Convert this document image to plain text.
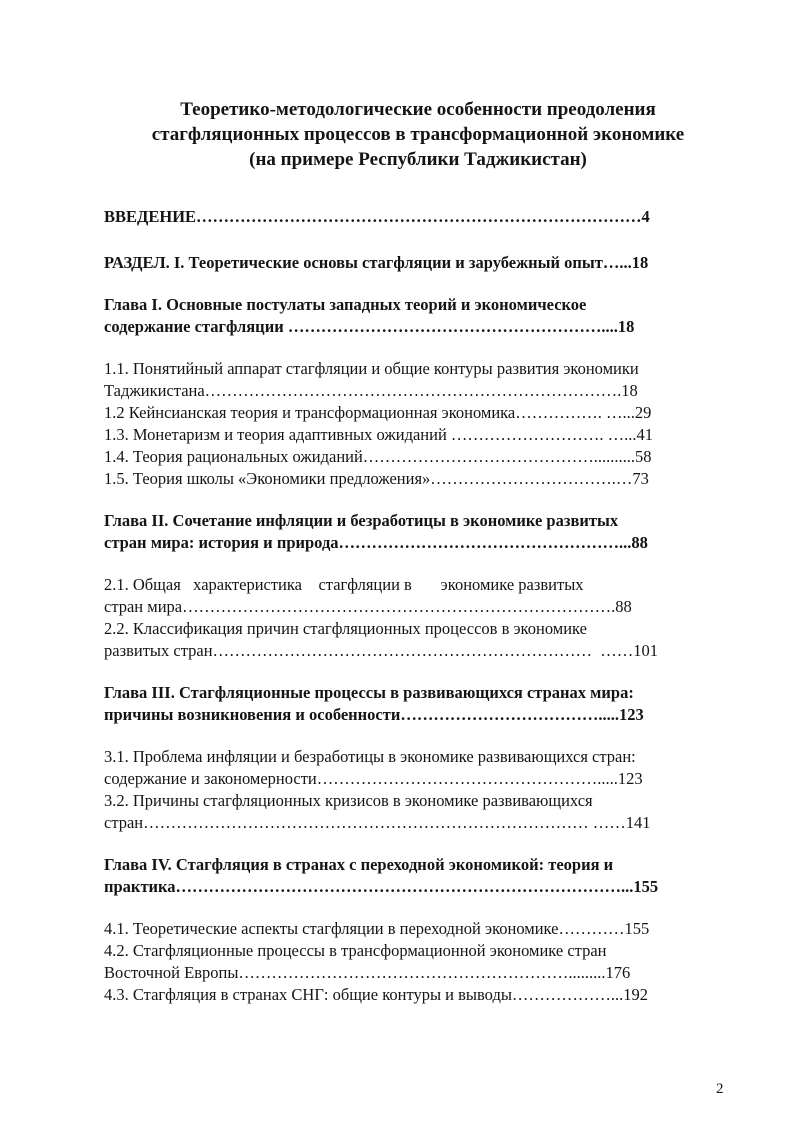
Теоретико-методологические особенности преодоления
стагфляционных процессов в трансформационной экономике
(на примере Республики Таджикистан)
ВВЕДЕНИЕ………………………………………………………………………4
РАЗДЕЛ. I. Теоретические основы стагфляции и зарубежный опыт…...18
Глава I. Основные постулаты западных теорий и экономическое
содержание стагфляции …………………………………………………....18
1.1. Понятийный аппарат стагфляции и общие контуры развития экономики
Таджикистана………………………………………………………………….18
1.2 Кейнсианская теория и трансформационная экономика……………. …...29
1.3. Монетаризм и теория адаптивных ожиданий ………………………. …...41
1.4. Теория рациональных ожиданий……………………………………..........58
1.5. Теория школы «Экономики предложения»…………………………….…73
Глава II. Сочетание инфляции и безработицы в экономике развитых
стран мира: история и природа……………………………………………...88
2.1. Общая   характеристика    стагфляции в       экономике развитых
стран мира…………………………………………………………………….88
2.2. Классификация причин стагфляционных процессов в экономике
развитых стран……………………………………………………………  ……101
Глава III. Стагфляционные процессы в развивающихся странах мира:
причины возникновения и особенности……………………………….....123
3.1. Проблема инфляции и безработицы в экономике развивающихся стран:
содержание и закономерности…………………………………………….....123
3.2. Причины стагфляционных кризисов в экономике развивающихся
стран……………………………………………………………………… ……141
Глава IV. Стагфляция в странах с переходной экономикой: теория и
практика………………………………………………………………………...155
4.1. Теоретические аспекты стагфляции в переходной экономике…………155
4.2. Стагфляционные процессы в трансформационной экономике стран
Восточной Европы…………………………………………………….........176
4.3. Стагфляция в странах СНГ: общие контуры и выводы………………...192
2
